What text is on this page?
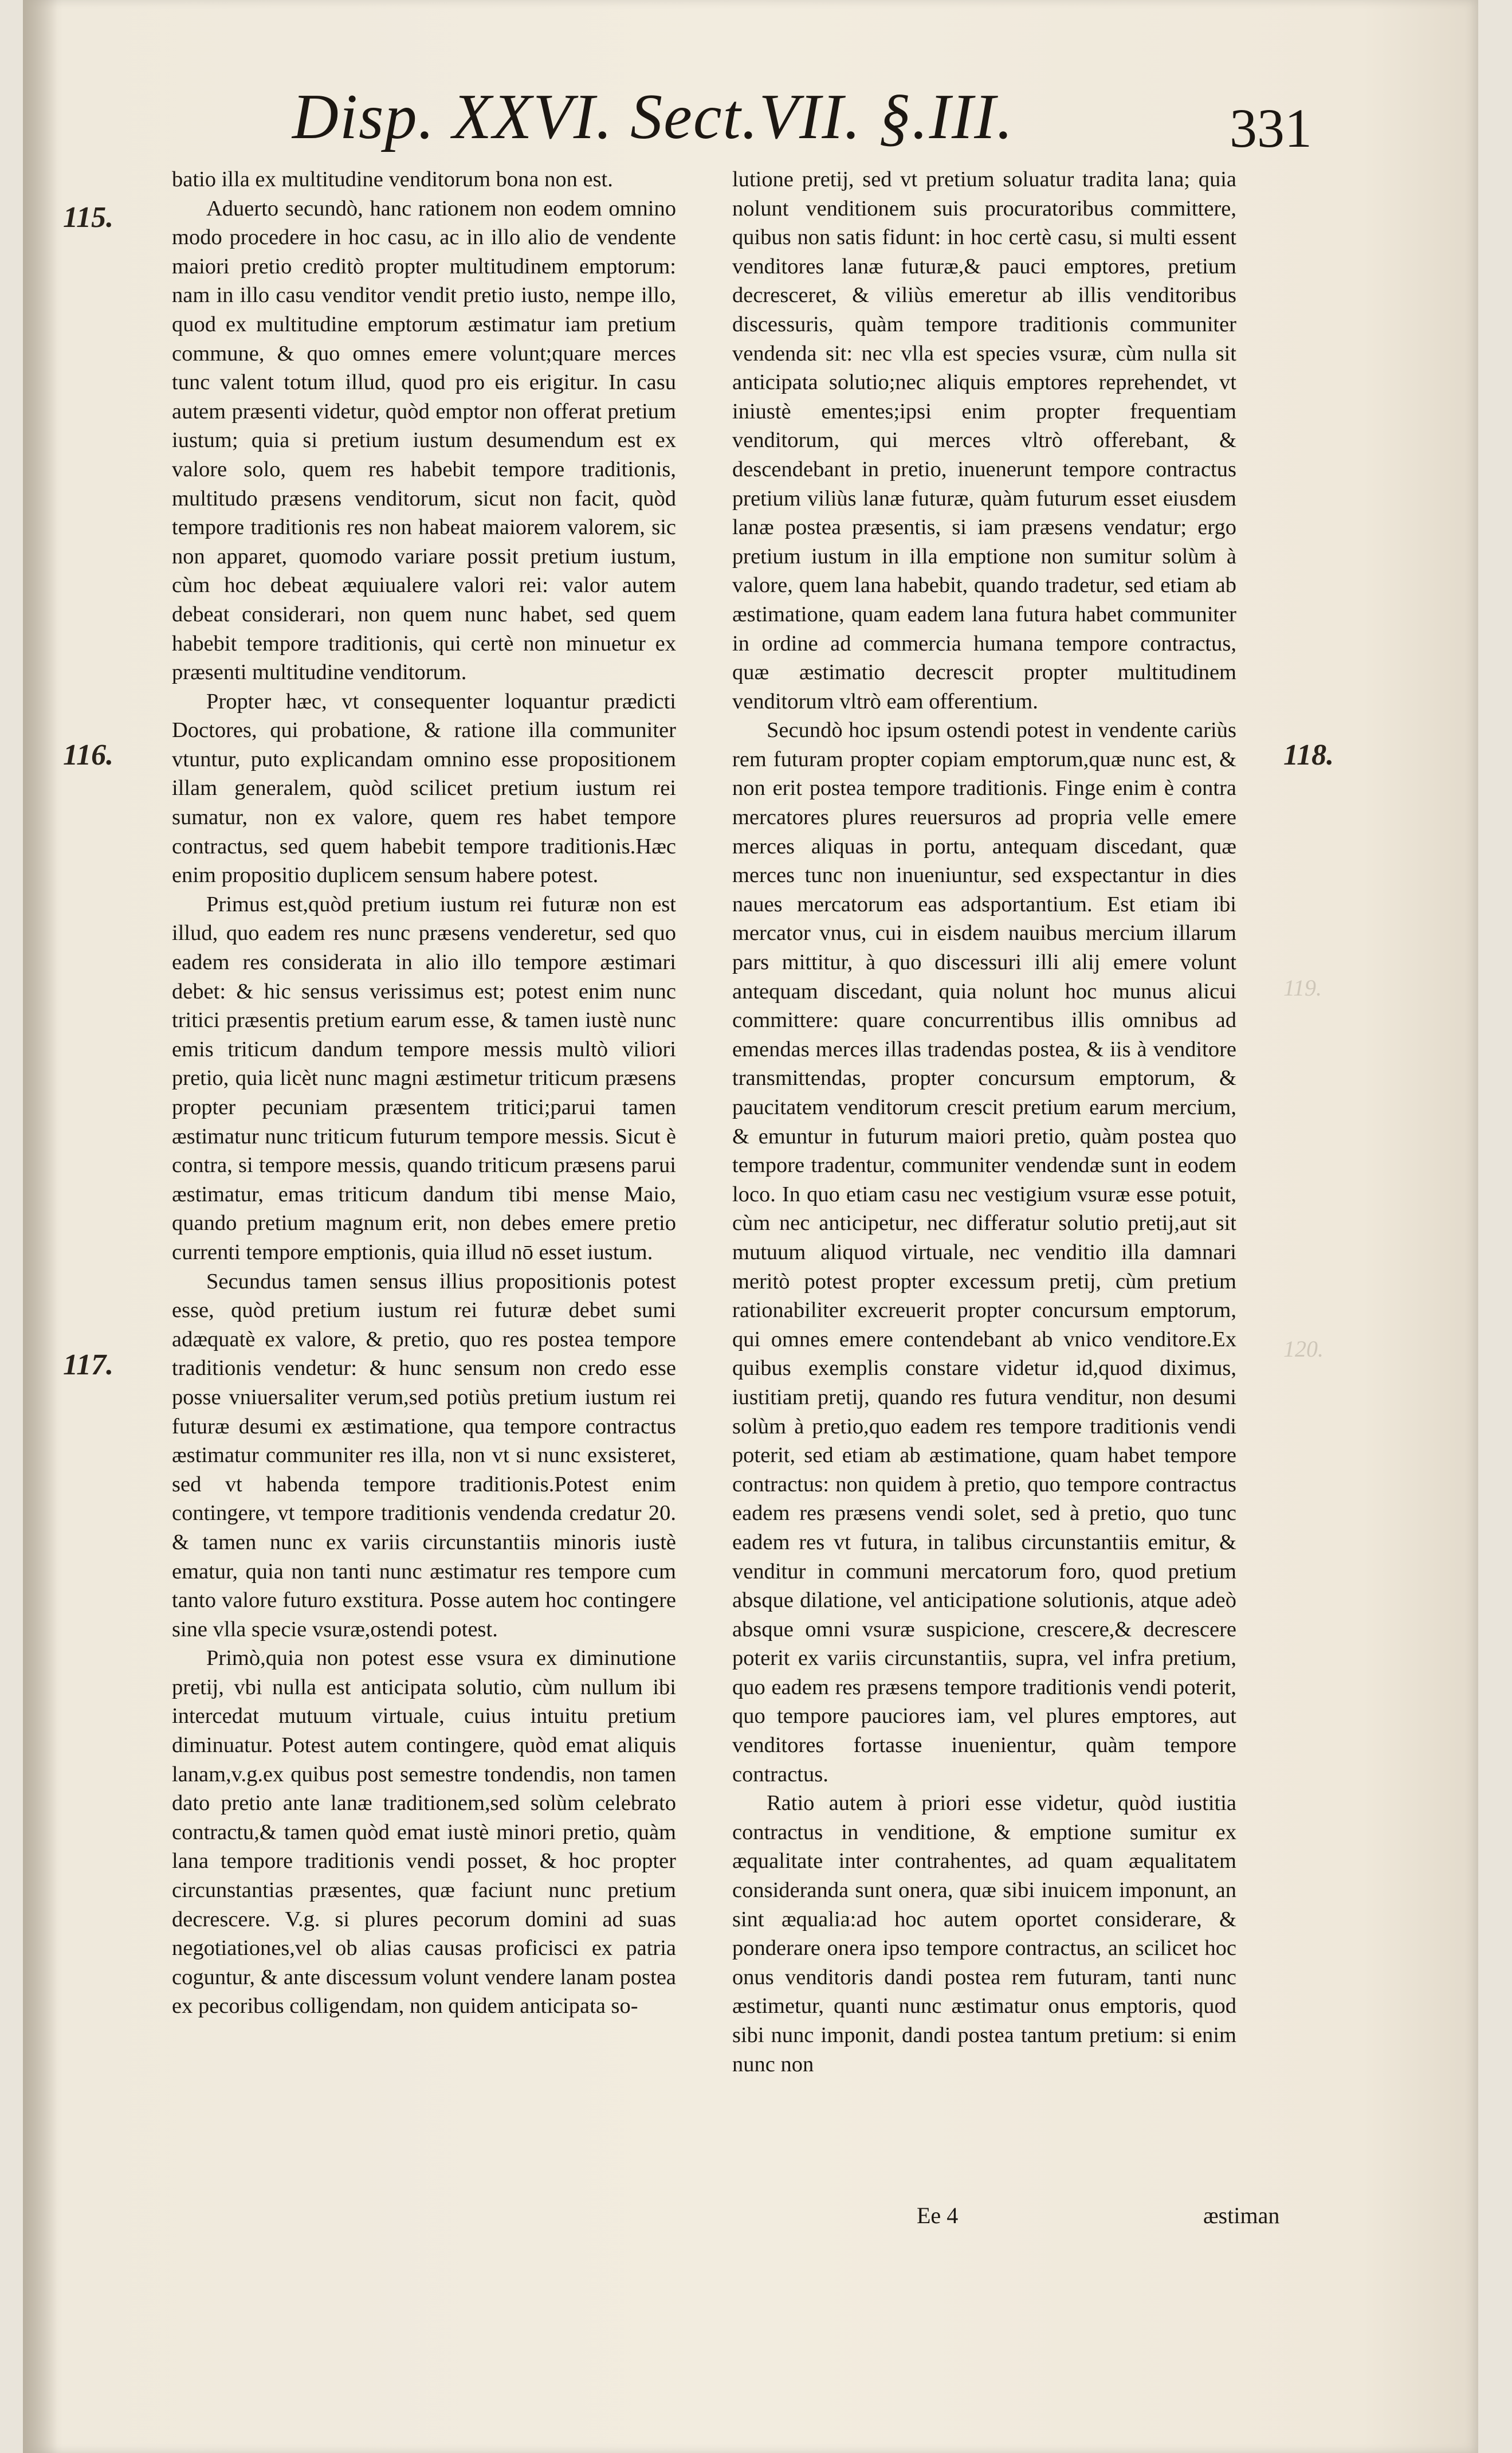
Disp. XXVI. Sect.VII. §.III.	331
115.
116.
117.
118.
119.
120.

batio illa ex multitudine venditorum bona non est.

Aduerto secundò, hanc rationem non eodem omnino modo procedere in hoc casu, ac in illo alio de vendente maiori pretio creditò propter multitudinem emptorum: nam in illo casu venditor vendit pretio iusto, nempe illo, quod ex multitudine emptorum æstimatur iam pretium commune, & quo omnes emere volunt;quare merces tunc valent totum illud, quod pro eis erigitur. In casu autem præsenti videtur, quòd emptor non offerat pretium iustum; quia si pretium iustum desumendum est ex valore solo, quem res habebit tempore traditionis, multitudo præsens venditorum, sicut non facit, quòd tempore traditionis res non habeat maiorem valorem, sic non apparet, quomodo variare possit pretium iustum, cùm hoc debeat æquiualere valori rei: valor autem debeat considerari, non quem nunc habet, sed quem habebit tempore traditionis, qui certè non minuetur ex præsenti multitudine venditorum.

Propter hæc, vt consequenter loquantur prædicti Doctores, qui probatione, & ratione illa communiter vtuntur, puto explicandam omnino esse propositionem illam generalem, quòd scilicet pretium iustum rei sumatur, non ex valore, quem res habet tempore contractus, sed quem habebit tempore traditionis.Hæc enim propositio duplicem sensum habere potest.

Primus est,quòd pretium iustum rei futuræ non est illud, quo eadem res nunc præsens venderetur, sed quo eadem res considerata in alio illo tempore æstimari debet: & hic sensus verissimus est; potest enim nunc tritici præsentis pretium earum esse, & tamen iustè nunc emis triticum dandum tempore messis multò viliori pretio, quia licèt nunc magni æstimetur triticum præsens propter pecuniam præsentem tritici;parui tamen æstimatur nunc triticum futurum tempore messis. Sicut è contra, si tempore messis, quando triticum præsens parui æstimatur, emas triticum dandum tibi mense Maio, quando pretium magnum erit, non debes emere pretio currenti tempore emptionis, quia illud nō esset iustum.

Secundus tamen sensus illius propositionis potest esse, quòd pretium iustum rei futuræ debet sumi adæquatè ex valore, & pretio, quo res postea tempore traditionis vendetur: & hunc sensum non credo esse posse vniuersaliter verum,sed potiùs pretium iustum rei futuræ desumi ex æstimatione, qua tempore contractus æstimatur communiter res illa, non vt si nunc exsisteret, sed vt habenda tempore traditionis.Potest enim contingere, vt tempore traditionis vendenda credatur 20. & tamen nunc ex variis circunstantiis minoris iustè ematur, quia non tanti nunc æstimatur res tempore cum tanto valore futuro exstitura. Posse autem hoc contingere sine vlla specie vsuræ,ostendi potest.

Primò,quia non potest esse vsura ex diminutione pretij, vbi nulla est anticipata solutio, cùm nullum ibi intercedat mutuum virtuale, cuius intuitu pretium diminuatur. Potest autem contingere, quòd emat aliquis lanam,v.g.ex quibus post semestre tondendis, non tamen dato pretio ante lanæ traditionem,sed solùm celebrato contractu,& tamen quòd emat iustè minori pretio, quàm lana tempore traditionis vendi posset, & hoc propter circunstantias præsentes, quæ faciunt nunc pretium decrescere. V.g. si plures pecorum domini ad suas negotiationes,vel ob alias causas proficisci ex patria coguntur, & ante discessum volunt vendere lanam postea ex pecoribus colligendam, non quidem anticipata so-

lutione pretij, sed vt pretium soluatur tradita lana; quia nolunt venditionem suis procuratoribus committere, quibus non satis fidunt: in hoc certè casu, si multi essent venditores lanæ futuræ,& pauci emptores, pretium decresceret, & viliùs emeretur ab illis venditoribus discessuris, quàm tempore traditionis communiter vendenda sit: nec vlla est species vsuræ, cùm nulla sit anticipata solutio;nec aliquis emptores reprehendet, vt iniustè ementes;ipsi enim propter frequentiam venditorum, qui merces vltrò offerebant, & descendebant in pretio, inuenerunt tempore contractus pretium viliùs lanæ futuræ, quàm futurum esset eiusdem lanæ postea præsentis, si iam præsens vendatur; ergo pretium iustum in illa emptione non sumitur solùm à valore, quem lana habebit, quando tradetur, sed etiam ab æstimatione, quam eadem lana futura habet communiter in ordine ad commercia humana tempore contractus, quæ æstimatio decrescit propter multitudinem venditorum vltrò eam offerentium.

Secundò hoc ipsum ostendi potest in vendente cariùs rem futuram propter copiam emptorum,quæ nunc est, & non erit postea tempore traditionis. Finge enim è contra mercatores plures reuersuros ad propria velle emere merces aliquas in portu, antequam discedant, quæ merces tunc non inueniuntur, sed exspectantur in dies naues mercatorum eas adsportantium. Est etiam ibi mercator vnus, cui in eisdem nauibus mercium illarum pars mittitur, à quo discessuri illi alij emere volunt antequam discedant, quia nolunt hoc munus alicui committere: quare concurrentibus illis omnibus ad emendas merces illas tradendas postea, & iis à venditore transmittendas, propter concursum emptorum, & paucitatem venditorum crescit pretium earum mercium, & emuntur in futurum maiori pretio, quàm postea quo tempore tradentur, communiter vendendæ sunt in eodem loco. In quo etiam casu nec vestigium vsuræ esse potuit, cùm nec anticipetur, nec differatur solutio pretij,aut sit mutuum aliquod virtuale, nec venditio illa damnari meritò potest propter excessum pretij, cùm pretium rationabiliter excreuerit propter concursum emptorum, qui omnes emere contendebant ab vnico venditore.Ex quibus exemplis constare videtur id,quod diximus, iustitiam pretij, quando res futura venditur, non desumi solùm à pretio,quo eadem res tempore traditionis vendi poterit, sed etiam ab æstimatione, quam habet tempore contractus: non quidem à pretio, quo tempore contractus eadem res præsens vendi solet, sed à pretio, quo tunc eadem res vt futura, in talibus circunstantiis emitur, & venditur in communi mercatorum foro, quod pretium absque dilatione, vel anticipatione solutionis, atque adeò absque omni vsuræ suspicione, crescere,& decrescere poterit ex variis circunstantiis, supra, vel infra pretium, quo eadem res præsens tempore traditionis vendi poterit, quo tempore pauciores iam, vel plures emptores, aut venditores fortasse inuenientur, quàm tempore contractus.

Ratio autem à priori esse videtur, quòd iustitia contractus in venditione, & emptione sumitur ex æqualitate inter contrahentes, ad quam æqualitatem consideranda sunt onera, quæ sibi inuicem imponunt, an sint æqualia:ad hoc autem oportet considerare, & ponderare onera ipso tempore contractus, an scilicet hoc onus venditoris dandi postea rem futuram, tanti nunc æstimetur, quanti nunc æstimatur onus emptoris, quod sibi nunc imponit, dandi postea tantum pretium: si enim nunc non

Ee 4	æstiman
